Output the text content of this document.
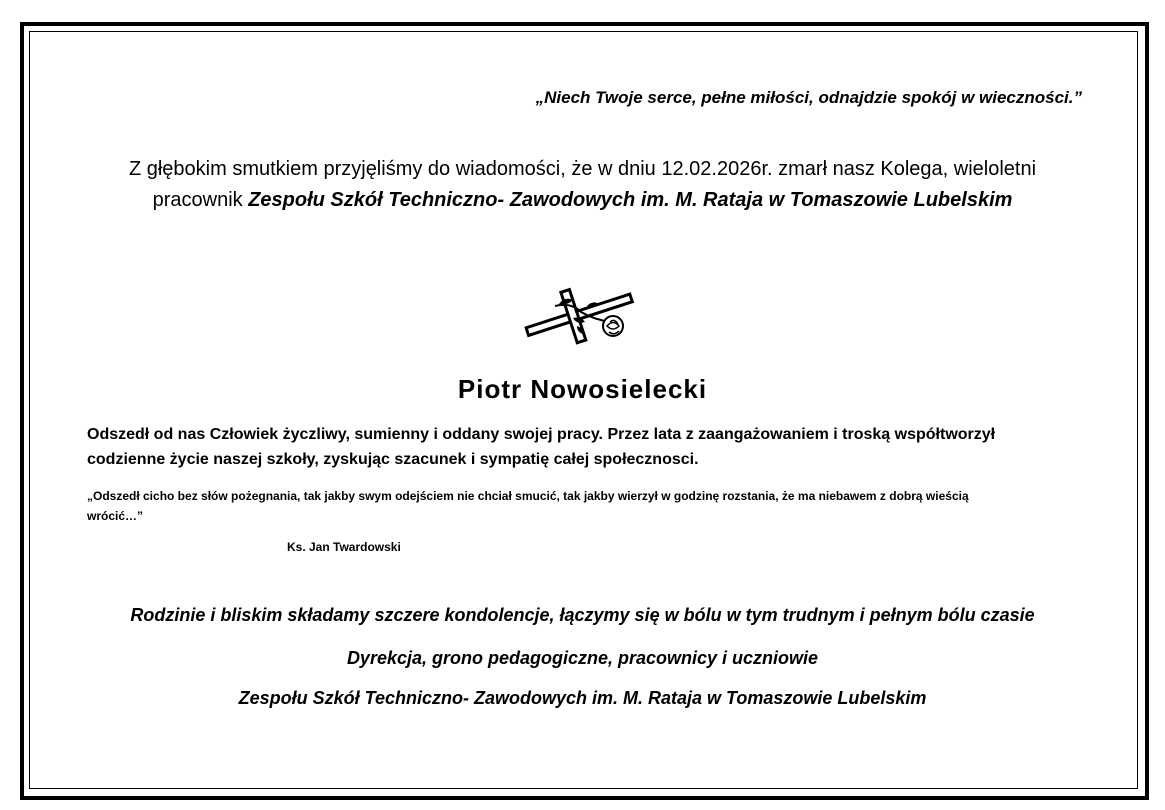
„Niech Twoje serce, pełne miłości, odnajdzie spokój w wieczności.”
Z głębokim smutkiem przyjęliśmy do wiadomości, że w dniu 12.02.2026r. zmarł nasz Kolega, wieloletni
pracownik Zespołu Szkół Techniczno- Zawodowych im. M. Rataja w Tomaszowie Lubelskim
Piotr Nowosielecki
Odszedł od nas Człowiek życzliwy, sumienny i oddany swojej pracy. Przez lata z zaangażowaniem i troską współtworzył
codzienne życie naszej szkoły, zyskując szacunek i sympatię całej społecznosci.
„Odszedł cicho bez słów pożegnania, tak jakby swym odejściem nie chciał smucić, tak jakby wierzył w godzinę rozstania, że ma niebawem z dobrą wieścią
wrócić…”
Ks. Jan Twardowski
Rodzinie i bliskim składamy szczere kondolencje, łączymy się w bólu w tym trudnym i pełnym bólu czasie
Dyrekcja, grono pedagogiczne, pracownicy i uczniowie
Zespołu Szkół Techniczno- Zawodowych im. M. Rataja w Tomaszowie Lubelskim
